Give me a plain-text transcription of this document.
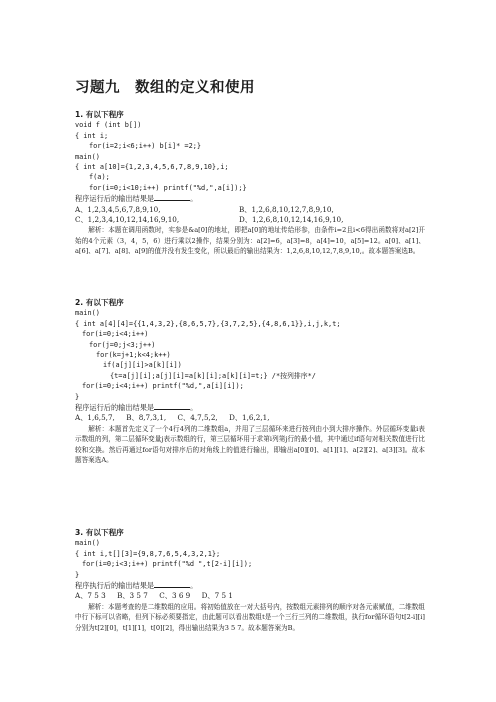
习题九　数组的定义和使用
1. 有以下程序
void f (int b[])
{ int i;
for(i=2;i<6;i++) b[i]* =2;}
main()
{ int a[10]={1,2,3,4,5,6,7,8,9,10},i;
f(a);
for(i=0;i<10;i++) printf("%d,",a[i]);}
程序运行后的输出结果是	。
A、1,2,3,4,5,6,7,8,9,10,	B、1,2,6,8,10,12,7,8,9,10,
C、1,2,3,4,10,12,14,16,9,10,	D、1,2,6,8,10,12,14,16,9,10,
解析：本题在调用函数时，实参是&a[0]的地址，即把a[0]的地址传给形参，由条件i=2且i<6得出函数将对a[2]开始的4个元素（3，4，5，6）进行乘以2操作，结果分别为：a[2]=6，a[3]=8，a[4]=10，a[5]=12。a[0]、a[1]、a[6]、a[7]、a[8]、a[9]的值并没有发生变化，所以最后的输出结果为：1,2,6,8,10,12,7,8,9,10,。故本题答案选B。
2. 有以下程序
main()
{ int a[4][4]={{1,4,3,2},{8,6,5,7},{3,7,2,5},{4,8,6,1}},i,j,k,t;
for(i=0;i<4;i++)
for(j=0;j<3;j++)
for(k=j+1;k<4;k++)
if(a[j][i]>a[k][i])
{t=a[j][i];a[j][i]=a[k][i];a[k][i]=t;} /*按列排序*/
for(i=0;i<4;i++) printf("%d,",a[i][i]);
}
程序运行后的输出结果是	。
A、1,6,5,7,     B、8,7,3,1,     C、4,7,5,2,     D、1,6,2,1,
解析：本题首先定义了一个4行4列的二维数组a，并用了三层循环来进行按列由小到大排序操作。外层循环变量i表示数组的列，第二层循环变量j表示数组的行，第三层循环用于求第i列第j行的最小值，其中通过if语句对相关数值进行比较和交换。然后再通过for语句对排序后的对角线上的值进行输出，即输出a[0][0]、a[1][1]、a[2][2]、a[3][3]。故本题答案选A。
3. 有以下程序
main()
{ int i,t[][3]={9,8,7,6,5,4,3,2,1};
for(i=0;i<3;i++) printf("%d ",t[2-i][i]);
}
程序执行后的输出结果是	。
A、7 5 3     B、3 5 7     C、3 6 9     D、7 5 1
解析：本题考查的是二维数组的应用。将初始值放在一对大括号内，按数组元素排列的顺序对各元素赋值，二维数组中行下标可以省略，但列下标必须要指定，由此题可以看出数组t是一个三行三列的二维数组，执行for循环语句t[2-i][i]分别为t[2][0]，t[1][1]，t[0][2]，得出输出结果为3 5 7。故本题答案为B。
